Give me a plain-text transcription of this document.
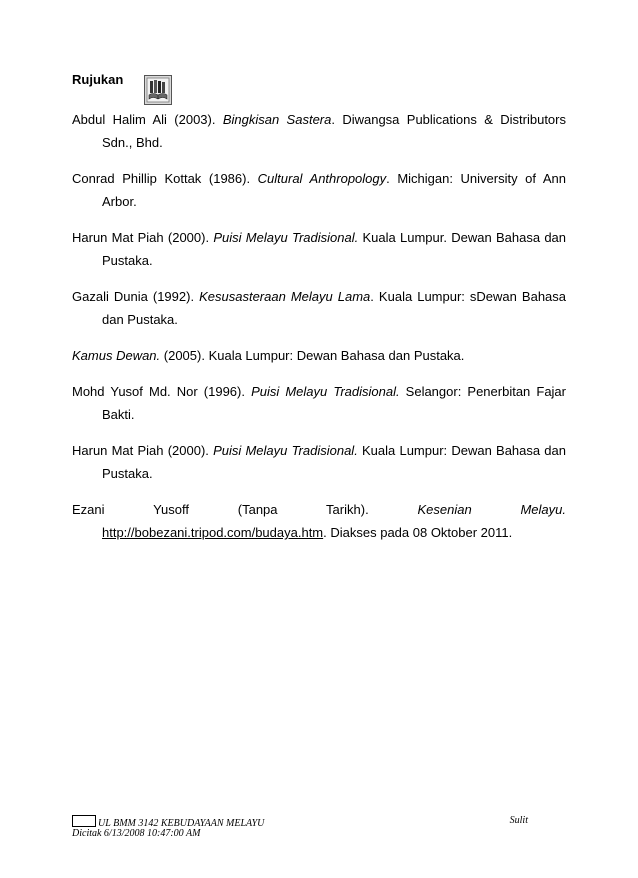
Rujukan

Abdul Halim Ali (2003). Bingkisan Sastera. Diwangsa Publications & Distributors Sdn., Bhd.

Conrad Phillip Kottak (1986). Cultural Anthropology. Michigan: University of Ann Arbor.

Harun Mat Piah (2000). Puisi Melayu Tradisional. Kuala Lumpur. Dewan Bahasa dan Pustaka.

Gazali Dunia (1992). Kesusasteraan Melayu Lama. Kuala Lumpur: sDewan Bahasa dan Pustaka.

Kamus Dewan. (2005). Kuala Lumpur: Dewan Bahasa dan Pustaka.

Mohd Yusof Md. Nor (1996). Puisi Melayu Tradisional. Selangor: Penerbitan Fajar Bakti.

Harun Mat Piah (2000). Puisi Melayu Tradisional. Kuala Lumpur: Dewan Bahasa dan Pustaka.

Ezani Yusoff (Tanpa Tarikh). Kesenian Melayu. http://bobezani.tripod.com/budaya.htm. Diakses pada 08 Oktober 2011.

UL BMM 3142 KEBUDAYAAN MELAYU	Sulit
Dicitak 6/13/2008 10:47:00 AM
